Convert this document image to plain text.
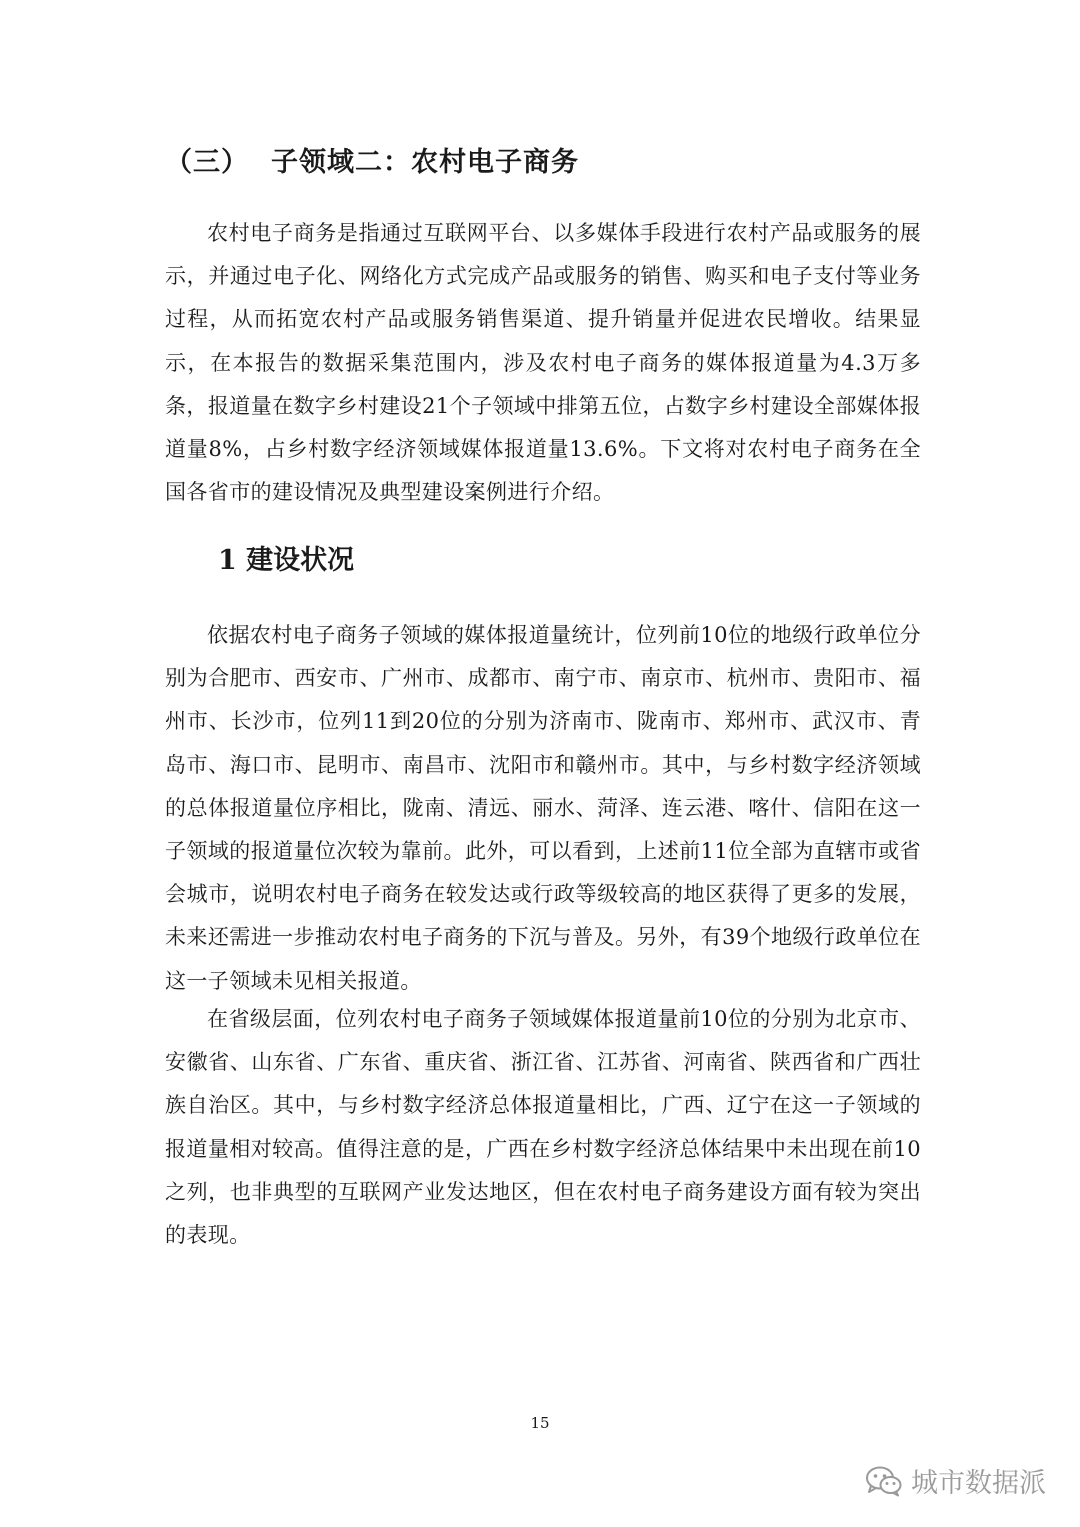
（三） 子领域二：农村电子商务

农村电子商务是指通过互联网平台、以多媒体手段进行农村产品或服务的展示，并通过电子化、网络化方式完成产品或服务的销售、购买和电子支付等业务过程，从而拓宽农村产品或服务销售渠道、提升销量并促进农民增收。结果显示，在本报告的数据采集范围内，涉及农村电子商务的媒体报道量为4.3万多条，报道量在数字乡村建设21个子领域中排第五位，占数字乡村建设全部媒体报道量8%，占乡村数字经济领域媒体报道量13.6%。下文将对农村电子商务在全国各省市的建设情况及典型建设案例进行介绍。

1 建设状况

依据农村电子商务子领域的媒体报道量统计，位列前10位的地级行政单位分别为合肥市、西安市、广州市、成都市、南宁市、南京市、杭州市、贵阳市、福州市、长沙市，位列11到20位的分别为济南市、陇南市、郑州市、武汉市、青岛市、海口市、昆明市、南昌市、沈阳市和赣州市。其中，与乡村数字经济领域的总体报道量位序相比，陇南、清远、丽水、菏泽、连云港、喀什、信阳在这一子领域的报道量位次较为靠前。此外，可以看到，上述前11位全部为直辖市或省会城市，说明农村电子商务在较发达或行政等级较高的地区获得了更多的发展，未来还需进一步推动农村电子商务的下沉与普及。另外，有39个地级行政单位在这一子领域未见相关报道。

在省级层面，位列农村电子商务子领域媒体报道量前10位的分别为北京市、安徽省、山东省、广东省、重庆省、浙江省、江苏省、河南省、陕西省和广西壮族自治区。其中，与乡村数字经济总体报道量相比，广西、辽宁在这一子领域的报道量相对较高。值得注意的是，广西在乡村数字经济总体结果中未出现在前10之列，也非典型的互联网产业发达地区，但在农村电子商务建设方面有较为突出的表现。

15
城市数据派
